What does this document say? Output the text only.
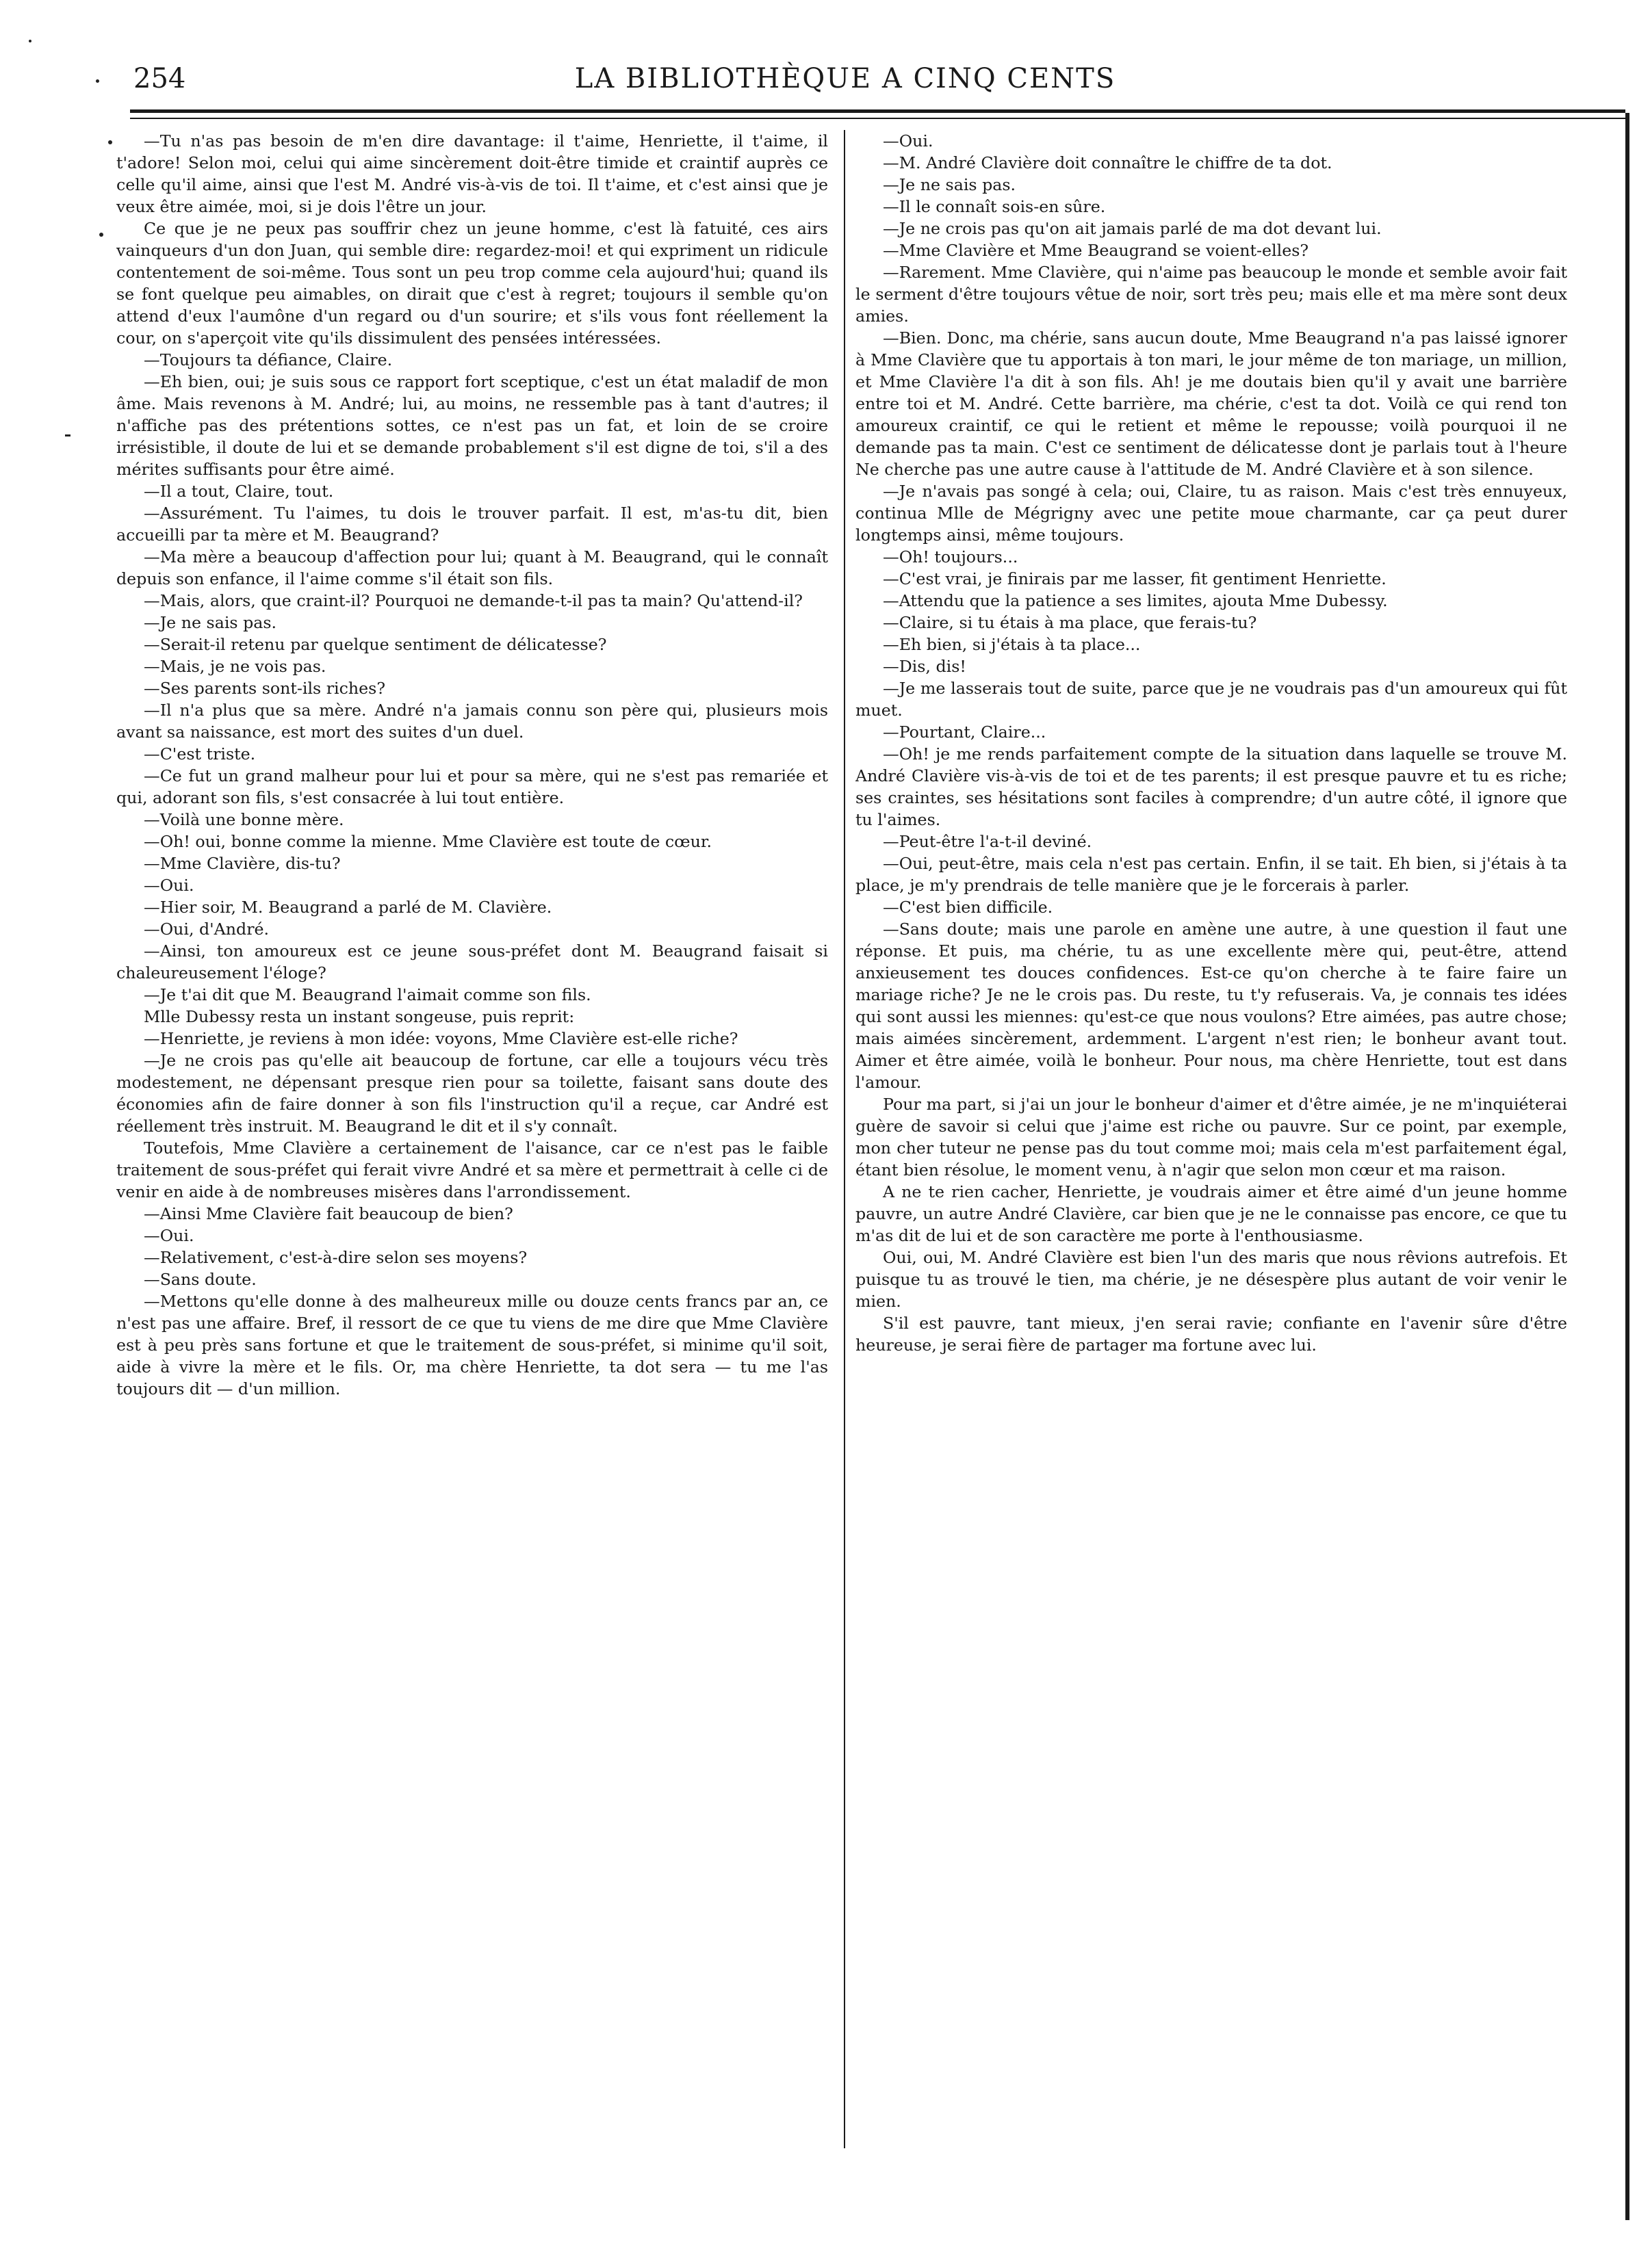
254	LA BIBLIOTHÈQUE A CINQ CENTS

—Tu n'as pas besoin de m'en dire davantage: il t'aime, Henriette, il t'aime, il t'adore! Selon moi, celui qui aime sincèrement doit-être timide et craintif auprès ce celle qu'il aime, ainsi que l'est M. André vis-à-vis de toi. Il t'aime, et c'est ainsi que je veux être aimée, moi, si je dois l'être un jour.

Ce que je ne peux pas souffrir chez un jeune homme, c'est là fatuité, ces airs vainqueurs d'un don Juan, qui semble dire: regardez-moi! et qui expriment un ridicule contentement de soi-même. Tous sont un peu trop comme cela aujourd'hui; quand ils se font quelque peu aimables, on dirait que c'est à regret; toujours il semble qu'on attend d'eux l'aumône d'un regard ou d'un sourire; et s'ils vous font réellement la cour, on s'aperçoit vite qu'ils dissimulent des pensées intéressées.

—Toujours ta défiance, Claire.

—Eh bien, oui; je suis sous ce rapport fort sceptique, c'est un état maladif de mon âme. Mais revenons à M. André; lui, au moins, ne ressemble pas à tant d'autres; il n'affiche pas des prétentions sottes, ce n'est pas un fat, et loin de se croire irrésistible, il doute de lui et se demande probablement s'il est digne de toi, s'il a des mérites suffisants pour être aimé.

—Il a tout, Claire, tout.

—Assurément. Tu l'aimes, tu dois le trouver parfait. Il est, m'as-tu dit, bien accueilli par ta mère et M. Beaugrand?

—Ma mère a beaucoup d'affection pour lui; quant à M. Beaugrand, qui le connaît depuis son enfance, il l'aime comme s'il était son fils.

—Mais, alors, que craint-il? Pourquoi ne demande-t-il pas ta main? Qu'attend-il?

—Je ne sais pas.

—Serait-il retenu par quelque sentiment de délicatesse?

—Mais, je ne vois pas.

—Ses parents sont-ils riches?

—Il n'a plus que sa mère. André n'a jamais connu son père qui, plusieurs mois avant sa naissance, est mort des suites d'un duel.

—C'est triste.

—Ce fut un grand malheur pour lui et pour sa mère, qui ne s'est pas remariée et qui, adorant son fils, s'est consacrée à lui tout entière.

—Voilà une bonne mère.

—Oh! oui, bonne comme la mienne. Mme Clavière est toute de cœur.

—Mme Clavière, dis-tu?

—Oui.

—Hier soir, M. Beaugrand a parlé de M. Clavière.

—Oui, d'André.

—Ainsi, ton amoureux est ce jeune sous-préfet dont M. Beaugrand faisait si chaleureusement l'éloge?

—Je t'ai dit que M. Beaugrand l'aimait comme son fils.

Mlle Dubessy resta un instant songeuse, puis reprit:

—Henriette, je reviens à mon idée: voyons, Mme Clavière est-elle riche?

—Je ne crois pas qu'elle ait beaucoup de fortune, car elle a toujours vécu très modestement, ne dépensant presque rien pour sa toilette, faisant sans doute des économies afin de faire donner à son fils l'instruction qu'il a reçue, car André est réellement très instruit. M. Beaugrand le dit et il s'y connaît.

Toutefois, Mme Clavière a certainement de l'aisance, car ce n'est pas le faible traitement de sous-préfet qui ferait vivre André et sa mère et permettrait à celle ci de venir en aide à de nombreuses misères dans l'arrondissement.

—Ainsi Mme Clavière fait beaucoup de bien?

—Oui.

—Relativement, c'est-à-dire selon ses moyens?

—Sans doute.

—Mettons qu'elle donne à des malheureux mille ou douze cents francs par an, ce n'est pas une affaire. Bref, il ressort de ce que tu viens de me dire que Mme Clavière est à peu près sans fortune et que le traitement de sous-préfet, si minime qu'il soit, aide à vivre la mère et le fils. Or, ma chère Henriette, ta dot sera — tu me l'as toujours dit — d'un million.

—Oui.

—M. André Clavière doit connaître le chiffre de ta dot.

—Je ne sais pas.

—Il le connaît sois-en sûre.

—Je ne crois pas qu'on ait jamais parlé de ma dot devant lui.

—Mme Clavière et Mme Beaugrand se voient-elles?

—Rarement. Mme Clavière, qui n'aime pas beaucoup le monde et semble avoir fait le serment d'être toujours vêtue de noir, sort très peu; mais elle et ma mère sont deux amies.

—Bien. Donc, ma chérie, sans aucun doute, Mme Beaugrand n'a pas laissé ignorer à Mme Clavière que tu apportais à ton mari, le jour même de ton mariage, un million, et Mme Clavière l'a dit à son fils. Ah! je me doutais bien qu'il y avait une barrière entre toi et M. André. Cette barrière, ma chérie, c'est ta dot. Voilà ce qui rend ton amoureux craintif, ce qui le retient et même le repousse; voilà pourquoi il ne demande pas ta main. C'est ce sentiment de délicatesse dont je parlais tout à l'heure Ne cherche pas une autre cause à l'attitude de M. André Clavière et à son silence.

—Je n'avais pas songé à cela; oui, Claire, tu as raison. Mais c'est très ennuyeux, continua Mlle de Mégrigny avec une petite moue charmante, car ça peut durer longtemps ainsi, même toujours.

—Oh! toujours...

—C'est vrai, je finirais par me lasser, fit gentiment Henriette.

—Attendu que la patience a ses limites, ajouta Mme Dubessy.

—Claire, si tu étais à ma place, que ferais-tu?

—Eh bien, si j'étais à ta place...

—Dis, dis!

—Je me lasserais tout de suite, parce que je ne voudrais pas d'un amoureux qui fût muet.

—Pourtant, Claire...

—Oh! je me rends parfaitement compte de la situation dans laquelle se trouve M. André Clavière vis-à-vis de toi et de tes parents; il est presque pauvre et tu es riche; ses craintes, ses hésitations sont faciles à comprendre; d'un autre côté, il ignore que tu l'aimes.

—Peut-être l'a-t-il deviné.

—Oui, peut-être, mais cela n'est pas certain. Enfin, il se tait. Eh bien, si j'étais à ta place, je m'y prendrais de telle manière que je le forcerais à parler.

—C'est bien difficile.

—Sans doute; mais une parole en amène une autre, à une question il faut une réponse. Et puis, ma chérie, tu as une excellente mère qui, peut-être, attend anxieusement tes douces confidences. Est-ce qu'on cherche à te faire faire un mariage riche? Je ne le crois pas. Du reste, tu t'y refuserais. Va, je connais tes idées qui sont aussi les miennes: qu'est-ce que nous voulons? Etre aimées, pas autre chose; mais aimées sincèrement, ardemment. L'argent n'est rien; le bonheur avant tout. Aimer et être aimée, voilà le bonheur. Pour nous, ma chère Henriette, tout est dans l'amour.

Pour ma part, si j'ai un jour le bonheur d'aimer et d'être aimée, je ne m'inquiéterai guère de savoir si celui que j'aime est riche ou pauvre. Sur ce point, par exemple, mon cher tuteur ne pense pas du tout comme moi; mais cela m'est parfaitement égal, étant bien résolue, le moment venu, à n'agir que selon mon cœur et ma raison.

A ne te rien cacher, Henriette, je voudrais aimer et être aimé d'un jeune homme pauvre, un autre André Clavière, car bien que je ne le connaisse pas encore, ce que tu m'as dit de lui et de son caractère me porte à l'enthousiasme.

Oui, oui, M. André Clavière est bien l'un des maris que nous rêvions autrefois. Et puisque tu as trouvé le tien, ma chérie, je ne désespère plus autant de voir venir le mien.

S'il est pauvre, tant mieux, j'en serai ravie; confiante en l'avenir sûre d'être heureuse, je serai fière de partager ma fortune avec lui.
